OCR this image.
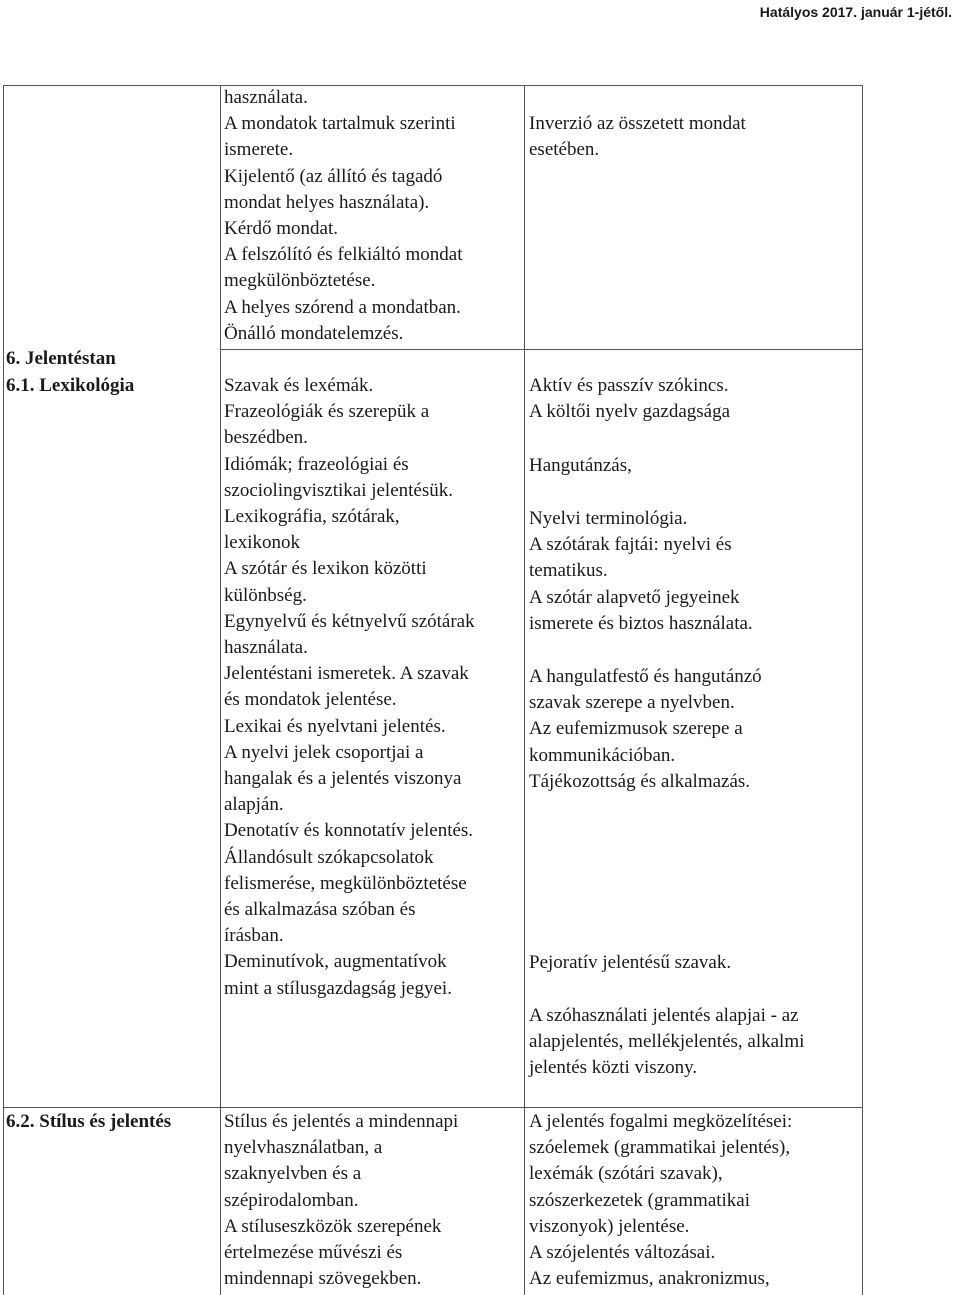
Hatályos 2017. január 1-jétől.
használata.
A mondatok tartalmuk szerinti
ismerete.
Kijelentő (az állító és tagadó
mondat helyes használata).
Kérdő mondat.
A felszólító és felkiáltó mondat
megkülönböztetése.
A helyes szórend a mondatban.
Önálló mondatelemzés.
Inverzió az összetett mondat
esetében.
6. Jelentéstan
6.1. Lexikológia	Szavak és lexémák.
Frazeológiák és szerepük a
beszédben.
Idiómák; frazeológiai és
szociolingvisztikai jelentésük.
Lexikográfia, szótárak,
lexikonok
A szótár és lexikon közötti
különbség.
Egynyelvű és kétnyelvű szótárak
használata.
Jelentéstani ismeretek. A szavak
és mondatok jelentése.
Lexikai és nyelvtani jelentés.
A nyelvi jelek csoportjai a
hangalak és a jelentés viszonya
alapján.
Denotatív és konnotatív jelentés.
Állandósult szókapcsolatok
felismerése, megkülönböztetése
és alkalmazása szóban és
írásban.
Deminutívok, augmentatívok
mint a stílusgazdagság jegyei.
Aktív és passzív szókincs.
A költői nyelv gazdagsága
Hangutánzás,
Nyelvi terminológia.
A szótárak fajtái: nyelvi és
tematikus.
A szótár alapvető jegyeinek
ismerete és biztos használata.
A hangulatfestő és hangutánzó
szavak szerepe a nyelvben.
Az eufemizmusok szerepe a
kommunikációban.
Tájékozottság és alkalmazás.
Pejoratív jelentésű szavak.
A szóhasználati jelentés alapjai - az
alapjelentés, mellékjelentés, alkalmi
jelentés közti viszony.
6.2. Stílus és jelentés	Stílus és jelentés a mindennapi
nyelvhasználatban, a
szaknyelvben és a
szépirodalomban.
A stíluseszközök szerepének
értelmezése művészi és
mindennapi szövegekben.
A jelentés fogalmi megközelítései:
szóelemek (grammatikai jelentés),
lexémák (szótári szavak),
szószerkezetek (grammatikai
viszonyok) jelentése.
A szójelentés változásai.
Az eufemizmus, anakronizmus,
